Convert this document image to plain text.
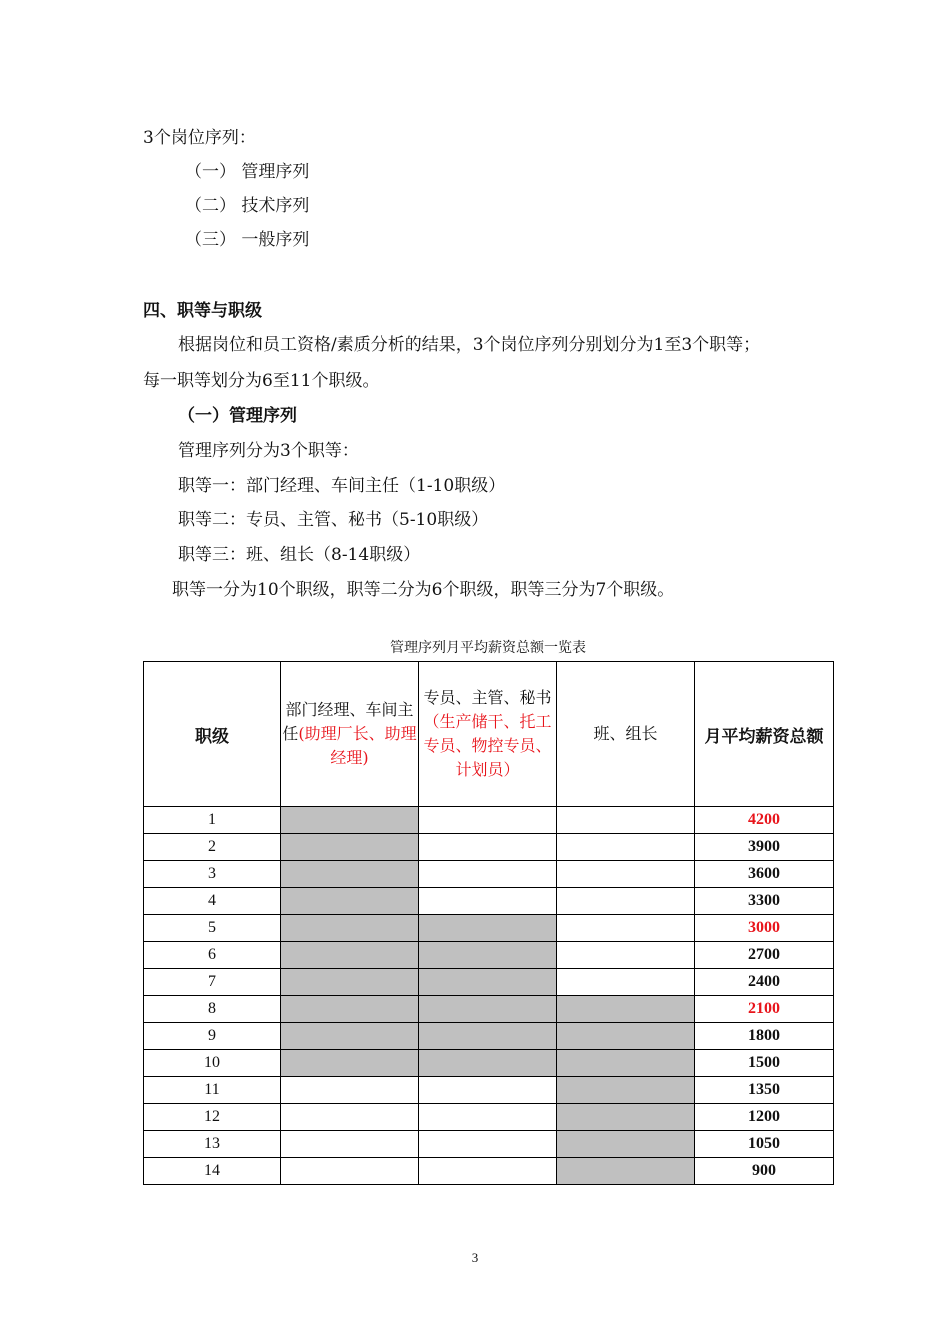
3个岗位序列：
（一） 管理序列
（二） 技术序列
（三） 一般序列
四、职等与职级
根据岗位和员工资格/素质分析的结果，3个岗位序列分别划分为1至3个职等；
每一职等划分为6至11个职级。
（一）管理序列
管理序列分为3个职等：
职等一：部门经理、车间主任（1-10职级）
职等二：专员、主管、秘书（5-10职级）
职等三：班、组长（8-14职级）
职等一分为10个职级，职等二分为6个职级，职等三分为7个职级。
管理序列月平均薪资总额一览表
职级	部门经理、车间主任(助理厂长、助理经理)	专员、主管、秘书（生产储干、托工专员、物控专员、计划员）	班、组长	月平均薪资总额
1				4200
2				3900
3				3600
4				3300
5				3000
6				2700
7				2400
8				2100
9				1800
10				1500
11				1350
12				1200
13				1050
14				900
3
